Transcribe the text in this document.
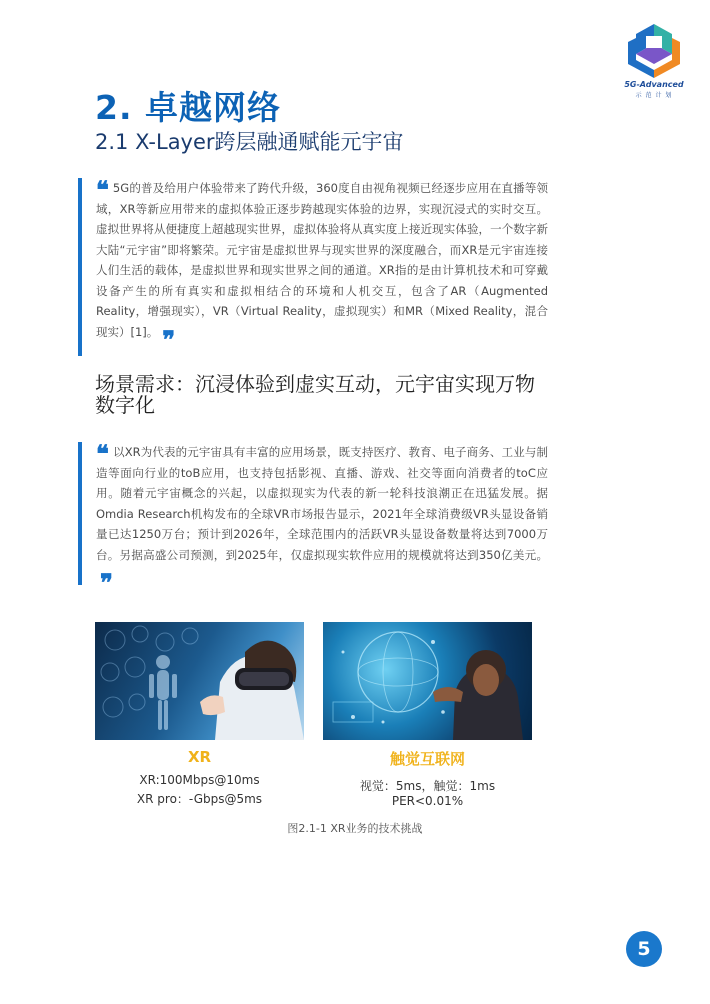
5G-Advanced
示 范 计 划
2. 卓越网络
2.1 X-Layer跨层融通赋能元宇宙

❝ 5G的普及给用户体验带来了跨代升级，360度自由视角视频已经逐步应用在直播等领域，XR等新应用带来的虚拟体验正逐步跨越现实体验的边界，实现沉浸式的实时交互。虚拟世界将从便捷度上超越现实世界，虚拟体验将从真实度上接近现实体验，一个数字新大陆“元宇宙”即将繁荣。元宇宙是虚拟世界与现实世界的深度融合，而XR是元宇宙连接人们生活的载体，是虚拟世界和现实世界之间的通道。XR指的是由计算机技术和可穿戴设备产生的所有真实和虚拟相结合的环境和人机交互，包含了AR（Augmented Reality，增强现实），VR（Virtual Reality，虚拟现实）和MR（Mixed Reality，混合现实）[1]。 ❞

场景需求：沉浸体验到虚实互动，元宇宙实现万物数字化

❝ 以XR为代表的元宇宙具有丰富的应用场景，既支持医疗、教育、电子商务、工业与制造等面向行业的toB应用，也支持包括影视、直播、游戏、社交等面向消费者的toC应用。随着元宇宙概念的兴起，以虚拟现实为代表的新一轮科技浪潮正在迅猛发展。据Omdia Research机构发布的全球VR市场报告显示，2021年全球消费级VR头显设备销量已达1250万台；预计到2026年，全球范围内的活跃VR头显设备数量将达到7000万台。另据高盛公司预测，到2025年，仅虚拟现实软件应用的规模就将达到350亿美元。❞

XR
XR:100Mbps@10ms
XR pro：-Gbps@5ms
触觉互联网
视觉：5ms，触觉：1ms
PER<0.01%
图2.1-1 XR业务的技术挑战
5
